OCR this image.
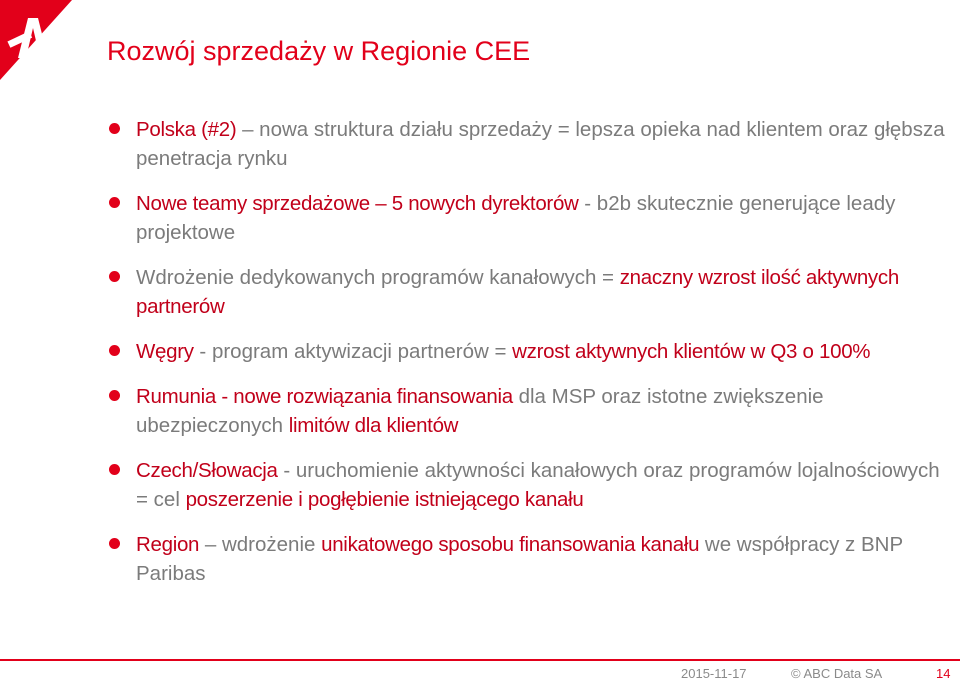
Rozwój sprzedaży w Regionie CEE
Polska (#2) – nowa struktura działu sprzedaży = lepsza opieka nad klientem oraz głębsza penetracja rynku
Nowe teamy sprzedażowe – 5 nowych dyrektorów - b2b skutecznie generujące leady projektowe
Wdrożenie dedykowanych programów kanałowych = znaczny wzrost ilość aktywnych partnerów
Węgry - program aktywizacji partnerów = wzrost aktywnych klientów w Q3 o 100%
Rumunia - nowe rozwiązania finansowania dla MSP oraz istotne zwiększenie ubezpieczonych limitów dla klientów
Czech/Słowacja - uruchomienie aktywności kanałowych oraz programów lojalnościowych = cel poszerzenie i pogłębienie istniejącego kanału
Region – wdrożenie unikatowego sposobu finansowania kanału we współpracy z BNP Paribas
2015-11-17	© ABC Data SA	14
